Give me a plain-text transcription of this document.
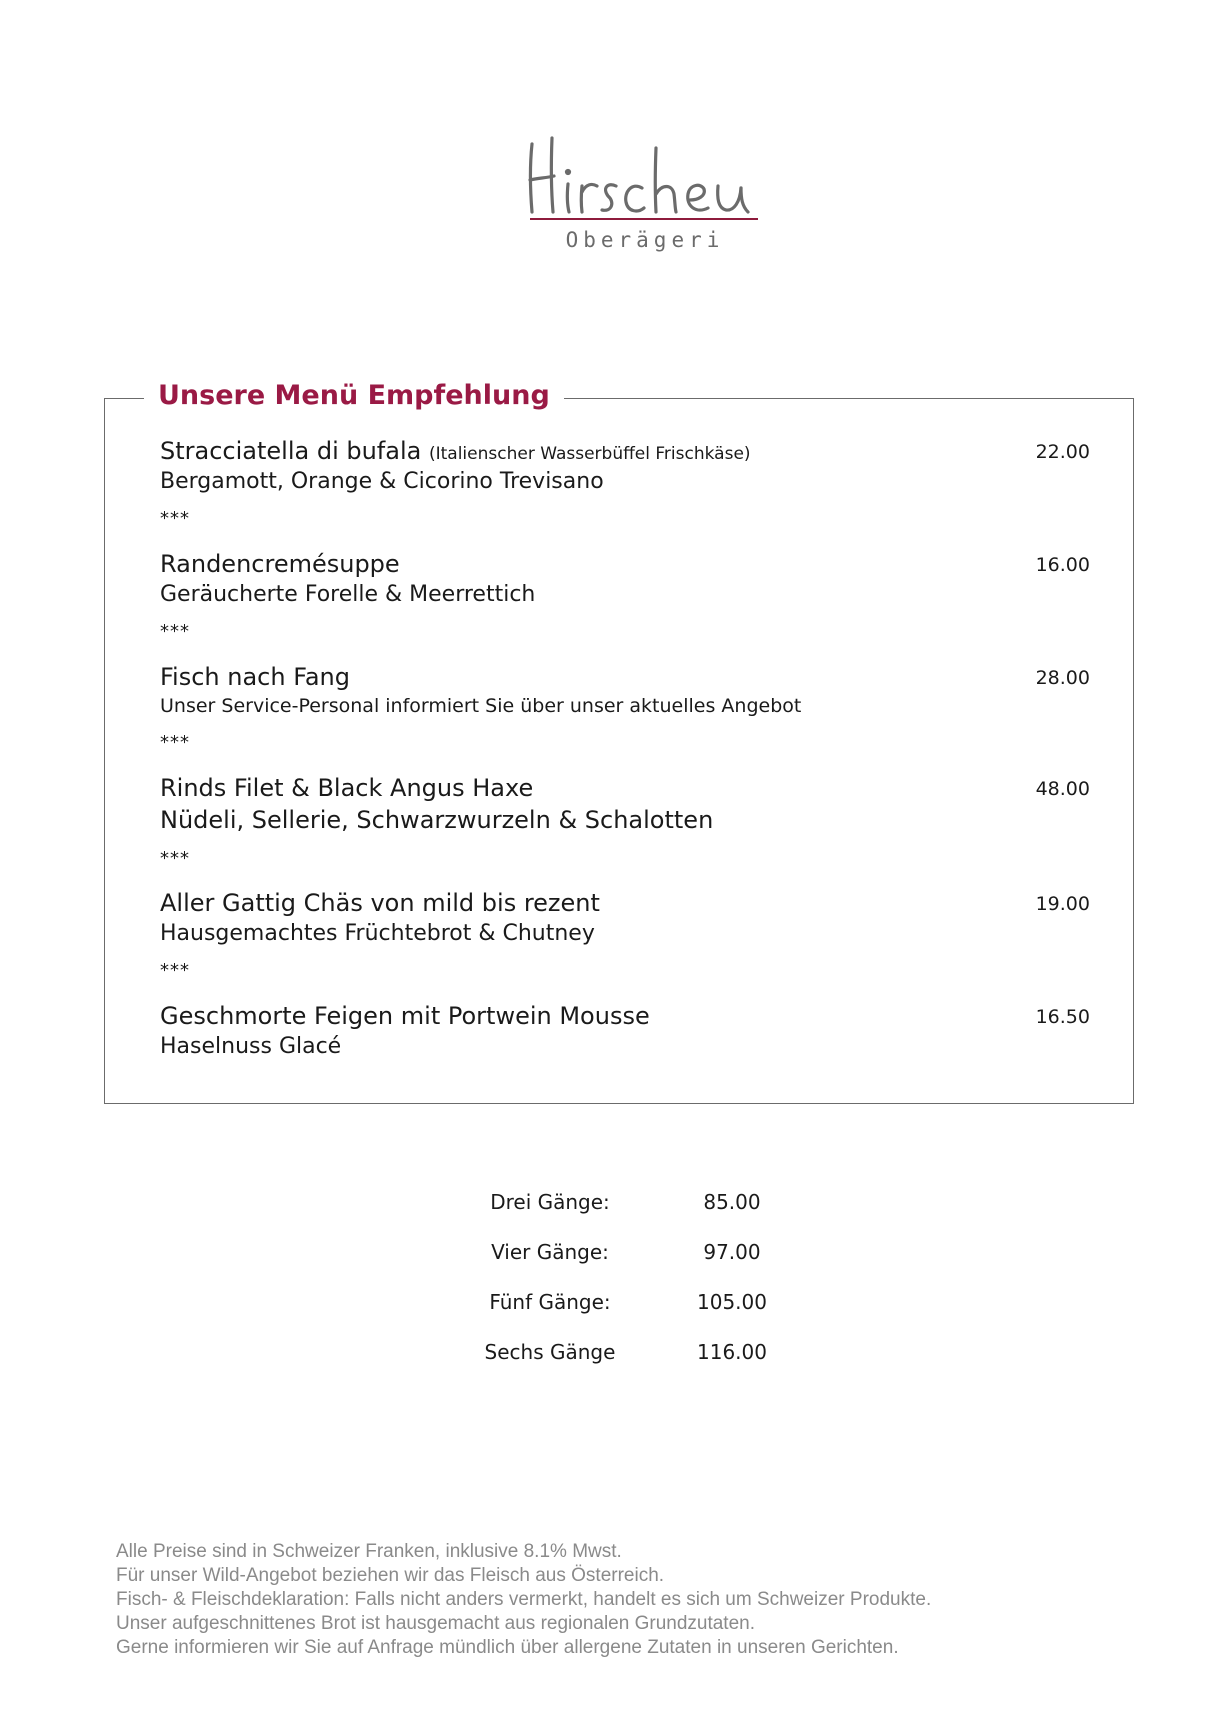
Oberägeri
Unsere Menü Empfehlung
Stracciatella di bufala (Italienscher Wasserbüffel Frischkäse)
Bergamott, Orange & Cicorino Trevisano
22.00
***
Randencremésuppe
Geräucherte Forelle & Meerrettich
16.00
***
Fisch nach Fang
Unser Service-Personal informiert Sie über unser aktuelles Angebot
28.00
***
Rinds Filet & Black Angus Haxe
Nüdeli, Sellerie, Schwarzwurzeln & Schalotten
48.00
***
Aller Gattig Chäs von mild bis rezent
Hausgemachtes Früchtebrot & Chutney
19.00
***
Geschmorte Feigen mit Portwein Mousse
Haselnuss Glacé
16.50
Drei Gänge:	85.00
Vier Gänge:	97.00
Fünf Gänge:	105.00
Sechs Gänge	116.00
Alle Preise sind in Schweizer Franken, inklusive 8.1% Mwst.
Für unser Wild-Angebot beziehen wir das Fleisch aus Österreich.
Fisch- & Fleischdeklaration: Falls nicht anders vermerkt, handelt es sich um Schweizer Produkte.
Unser aufgeschnittenes Brot ist hausgemacht aus regionalen Grundzutaten.
Gerne informieren wir Sie auf Anfrage mündlich über allergene Zutaten in unseren Gerichten.
